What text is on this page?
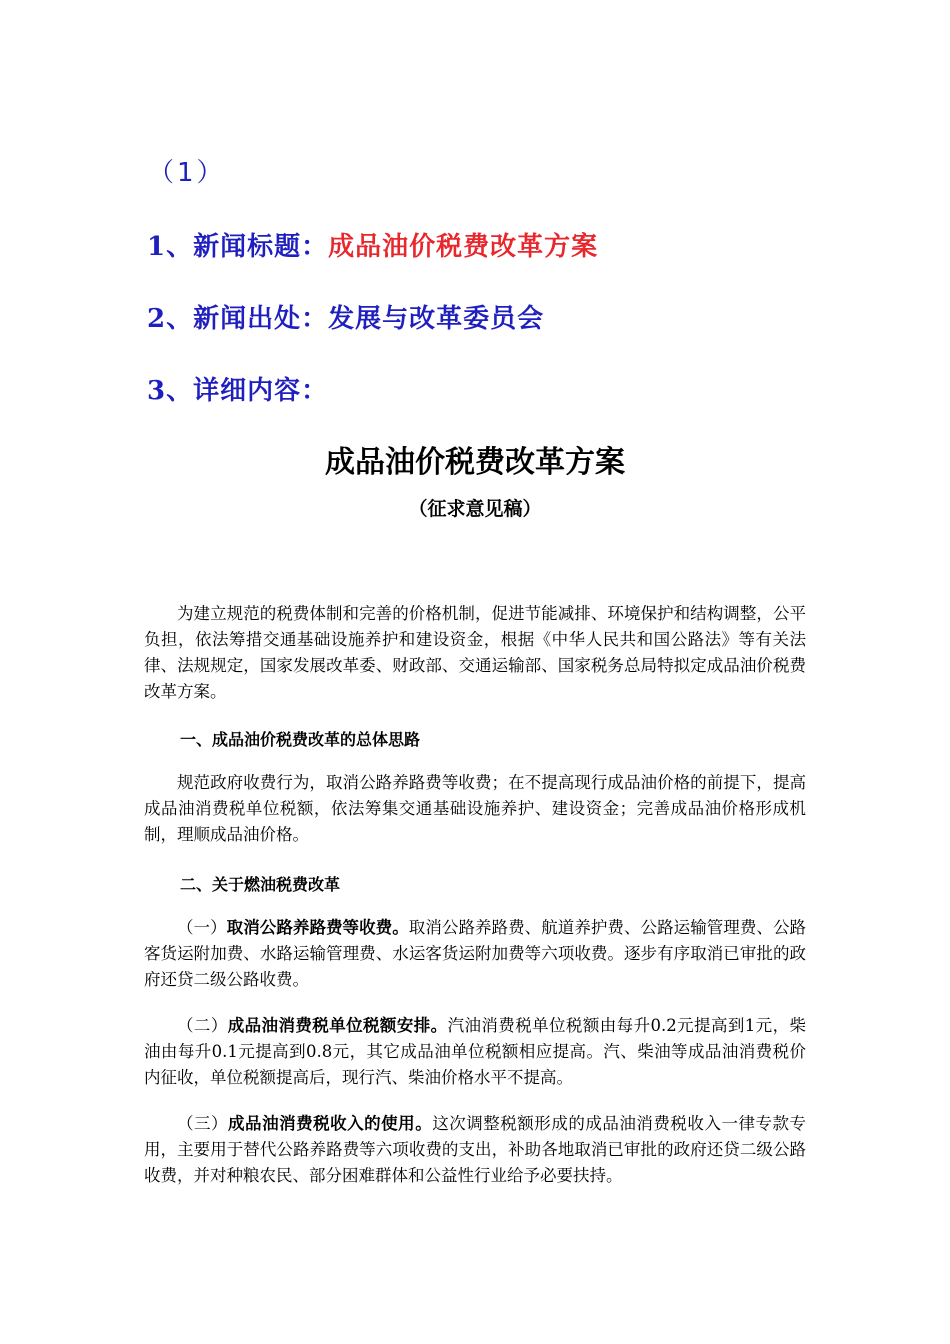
（1）
1、新闻标题：成品油价税费改革方案
2、新闻出处：发展与改革委员会
3、详细内容：
成品油价税费改革方案
（征求意见稿）
为建立规范的税费体制和完善的价格机制，促进节能减排、环境保护和结构调整，公平负担，依法筹措交通基础设施养护和建设资金，根据《中华人民共和国公路法》等有关法律、法规规定，国家发展改革委、财政部、交通运输部、国家税务总局特拟定成品油价税费改革方案。
一、成品油价税费改革的总体思路
规范政府收费行为，取消公路养路费等收费；在不提高现行成品油价格的前提下，提高成品油消费税单位税额，依法筹集交通基础设施养护、建设资金；完善成品油价格形成机制，理顺成品油价格。
二、关于燃油税费改革
（一）取消公路养路费等收费。取消公路养路费、航道养护费、公路运输管理费、公路客货运附加费、水路运输管理费、水运客货运附加费等六项收费。逐步有序取消已审批的政府还贷二级公路收费。
（二）成品油消费税单位税额安排。汽油消费税单位税额由每升0.2元提高到1元，柴油由每升0.1元提高到0.8元，其它成品油单位税额相应提高。汽、柴油等成品油消费税价内征收，单位税额提高后，现行汽、柴油价格水平不提高。
（三）成品油消费税收入的使用。这次调整税额形成的成品油消费税收入一律专款专用，主要用于替代公路养路费等六项收费的支出，补助各地取消已审批的政府还贷二级公路收费，并对种粮农民、部分困难群体和公益性行业给予必要扶持。
